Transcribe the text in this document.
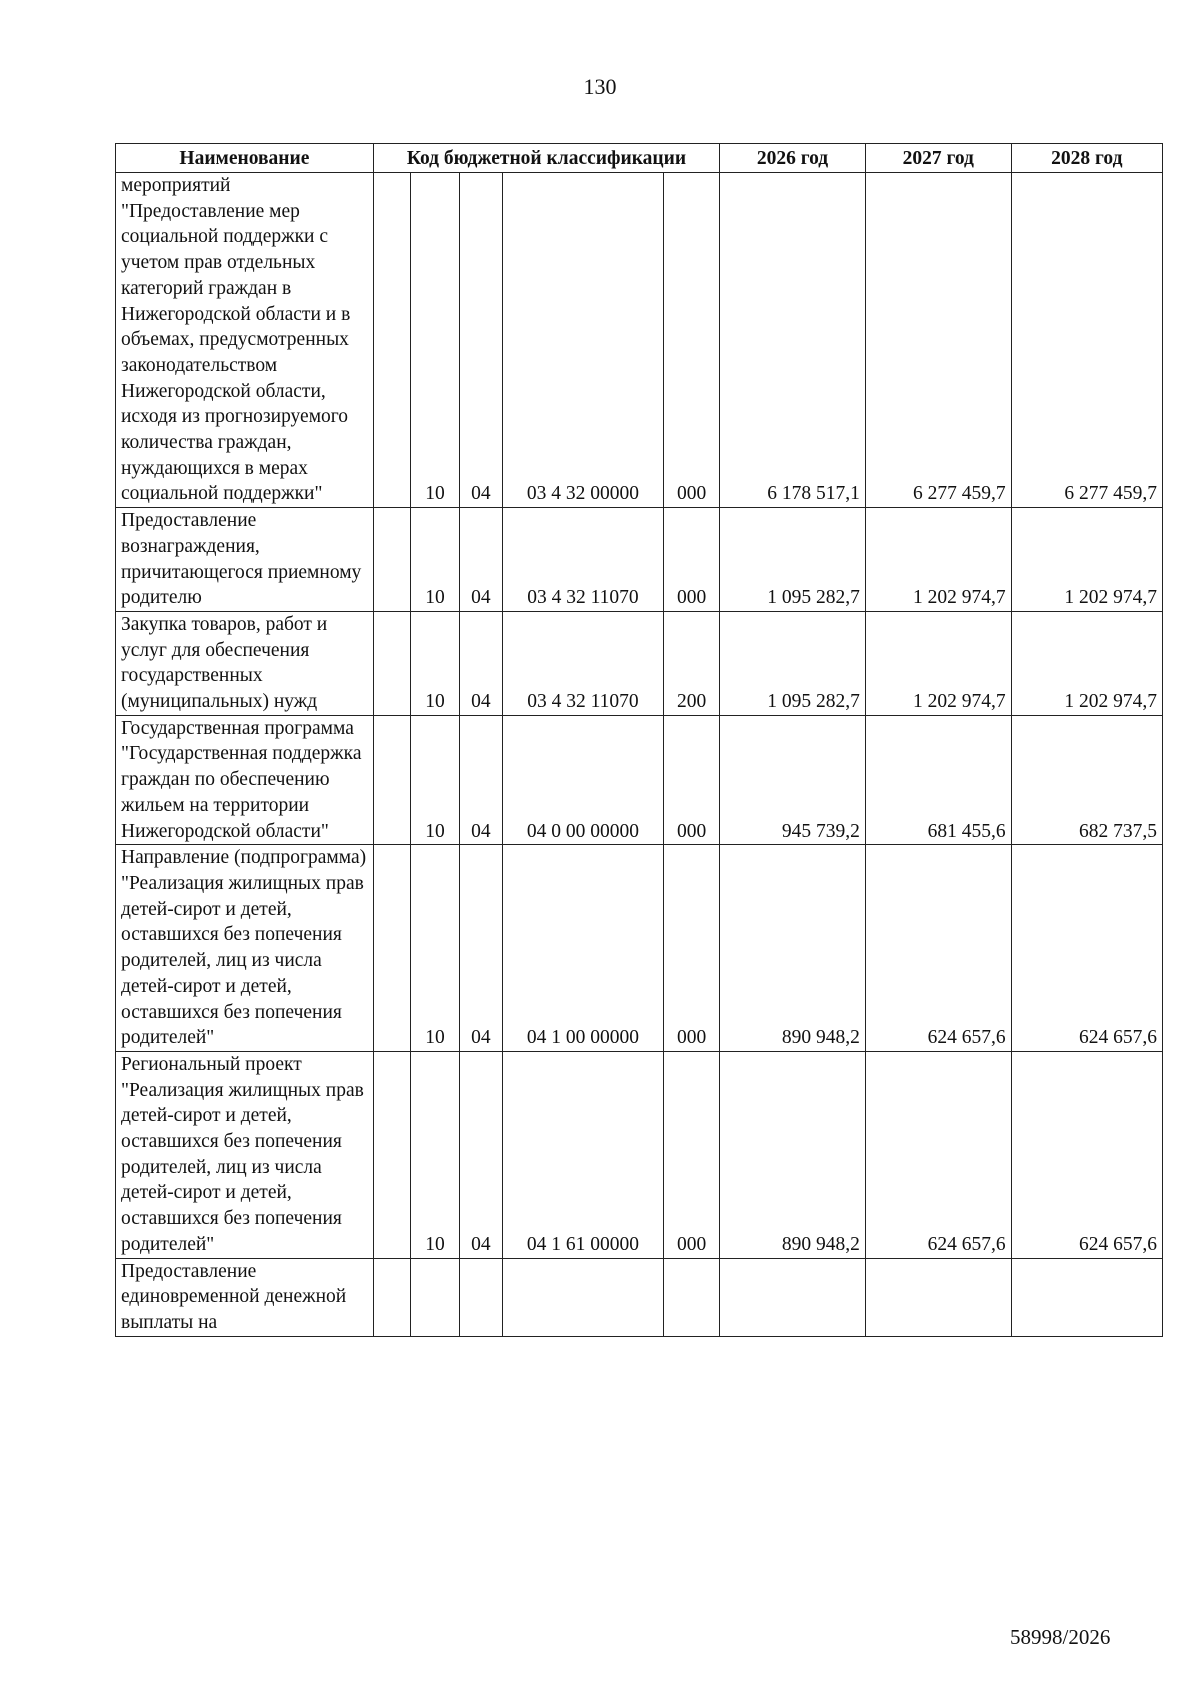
130
Наименование	Код бюджетной классификации					2026 год	2027 год	2028 год
мероприятий "Предоставление мер социальной поддержки с учетом прав отдельных категорий граждан в Нижегородской области и в объемах, предусмотренных законодательством Нижегородской области, исходя из прогнозируемого количества граждан, нуждающихся в мерах социальной поддержки"		10	04	03 4 32 00000	000	6 178 517,1	6 277 459,7	6 277 459,7
Предоставление вознаграждения, причитающегося приемному родителю		10	04	03 4 32 11070	000	1 095 282,7	1 202 974,7	1 202 974,7
Закупка товаров, работ и услуг для обеспечения государственных (муниципальных) нужд		10	04	03 4 32 11070	200	1 095 282,7	1 202 974,7	1 202 974,7
Государственная программа "Государственная поддержка граждан по обеспечению жильем на территории Нижегородской области"		10	04	04 0 00 00000	000	945 739,2	681 455,6	682 737,5
Направление (подпрограмма) "Реализация жилищных прав детей-сирот и детей, оставшихся без попечения родителей, лиц из числа детей-сирот и детей, оставшихся без попечения родителей"		10	04	04 1 00 00000	000	890 948,2	624 657,6	624 657,6
Региональный проект "Реализация жилищных прав детей-сирот и детей, оставшихся без попечения родителей, лиц из числа детей-сирот и детей, оставшихся без попечения родителей"		10	04	04 1 61 00000	000	890 948,2	624 657,6	624 657,6
Предоставление единовременной денежной выплаты на								
58998/2026
